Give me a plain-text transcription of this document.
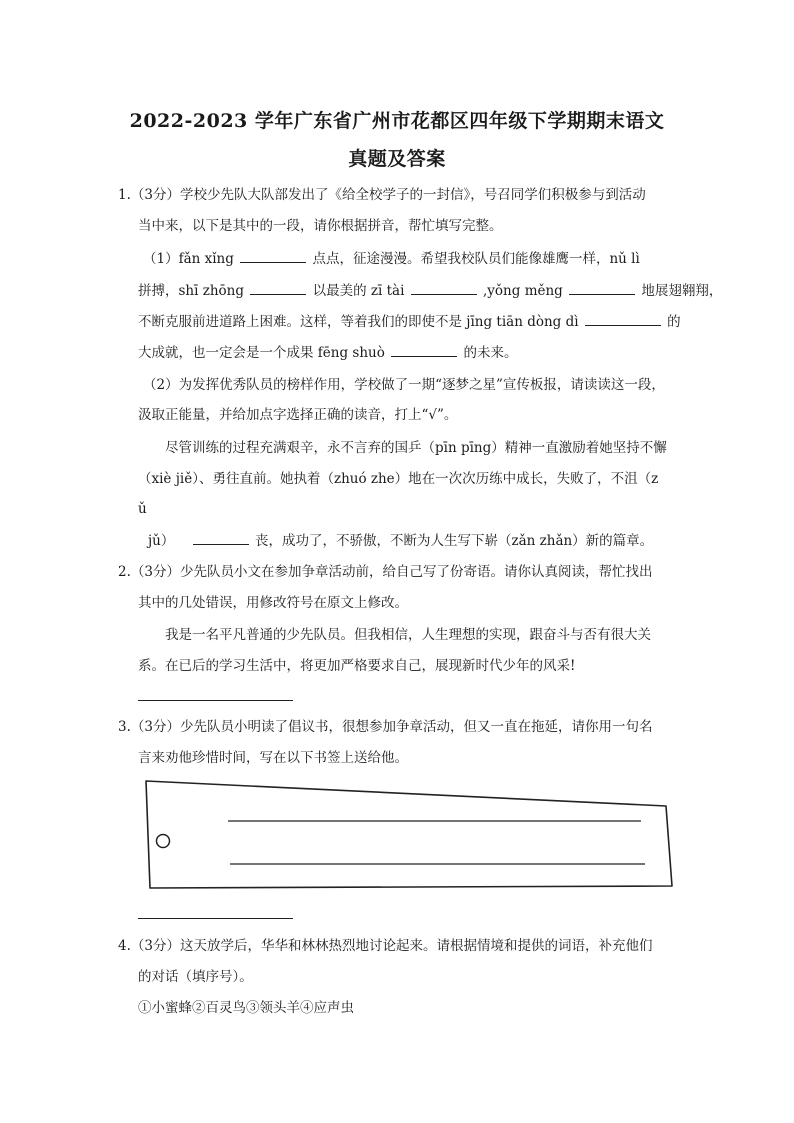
2022-2023 学年广东省广州市花都区四年级下学期期末语文
真题及答案
1.（3分）学校少先队大队部发出了《给全校学子的一封信》，号召同学们积极参与到活动
当中来，以下是其中的一段，请你根据拼音，帮忙填写完整。
（1）fǎn xǐng	点点，征途漫漫。希望我校队员们能像雄鹰一样，nǔ lì
拼搏，shī zhōng	以最美的 zī tài	,yǒng měng	地展翅翱翔，
不断克服前进道路上困难。这样，等着我们的即使不是 jīng tiān dòng dì	的
大成就，也一定会是一个成果 fēng shuò	的未来。
（2）为发挥优秀队员的榜样作用，学校做了一期“逐梦之星”宣传板报，请读读这一段，
汲取正能量，并给加点字选择正确的读音，打上“√”。
尽管训练的过程充满艰辛，永不言弃的国乒（pīn pīng）精神一直激励着她坚持不懈
（xiè jiě）、勇往直前。她执着（zhuó zhe）地在一次次历练中成长，失败了，不沮（z
ǔ
jǔ）	丧，成功了，不骄傲，不断为人生写下崭（zǎn zhǎn）新的篇章。
2.（3分）少先队员小文在参加争章活动前，给自己写了份寄语。请你认真阅读，帮忙找出
其中的几处错误，用修改符号在原文上修改。
我是一名平凡普通的少先队员。但我相信，人生理想的实现，跟奋斗与否有很大关
系。在已后的学习生活中，将更加严格要求自己，展现新时代少年的风采!
3.（3分）少先队员小明读了倡议书，很想参加争章活动，但又一直在拖延，请你用一句名
言来劝他珍惜时间，写在以下书签上送给他。
4.（3分）这天放学后，华华和林林热烈地讨论起来。请根据情境和提供的词语，补充他们
的对话（填序号）。
①小蜜蜂②百灵鸟③领头羊④应声虫
